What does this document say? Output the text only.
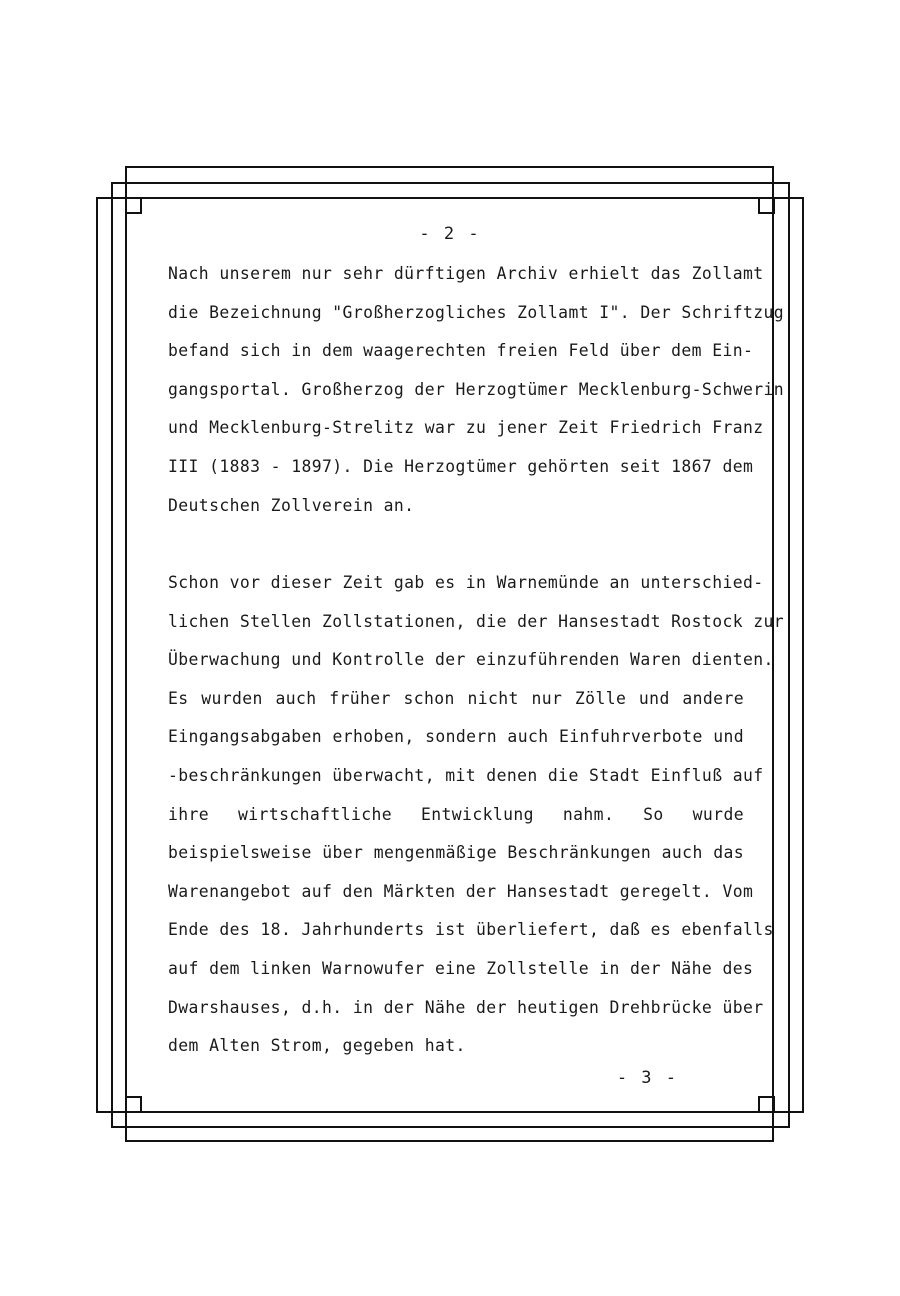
- 2 -
Nach unserem nur sehr dürftigen Archiv erhielt das Zollamt
die Bezeichnung "Großherzogliches Zollamt I". Der Schriftzug
befand sich in dem waagerechten freien Feld über dem Ein-
gangsportal. Großherzog der Herzogtümer Mecklenburg-Schwerin
und Mecklenburg-Strelitz war zu jener Zeit Friedrich Franz
III (1883 - 1897). Die Herzogtümer gehörten seit 1867 dem
Deutschen Zollverein an.
Schon vor dieser Zeit gab es in Warnemünde an unterschied-
lichen Stellen Zollstationen, die der Hansestadt Rostock zur
Überwachung und Kontrolle der einzuführenden Waren dienten.
Es wurden auch früher schon nicht nur Zölle und andere
Eingangsabgaben erhoben, sondern auch Einfuhrverbote und
-beschränkungen überwacht, mit denen die Stadt Einfluß auf
ihre wirtschaftliche Entwicklung nahm. So wurde
beispielsweise über mengenmäßige Beschränkungen auch das
Warenangebot auf den Märkten der Hansestadt geregelt. Vom
Ende des 18. Jahrhunderts ist überliefert, daß es ebenfalls
auf dem linken Warnowufer eine Zollstelle in der Nähe des
Dwarshauses, d.h. in der Nähe der heutigen Drehbrücke über
dem Alten Strom, gegeben hat.
- 3 -
